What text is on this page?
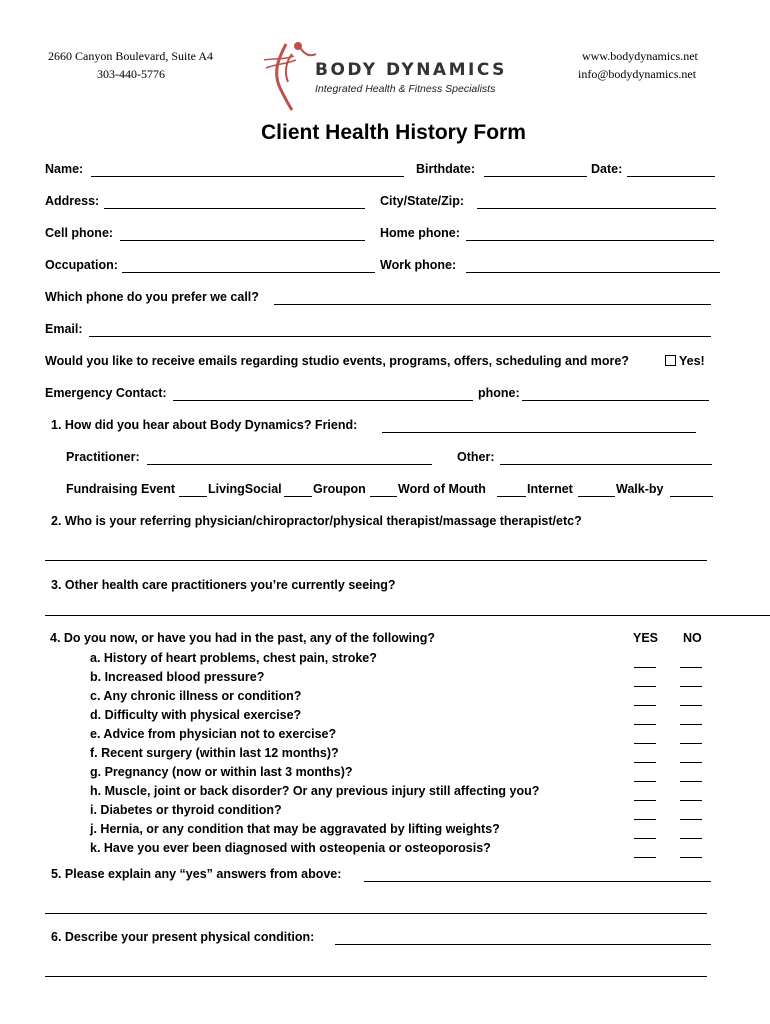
2660 Canyon Boulevard, Suite A4
303-440-5776
www.bodydynamics.net
info@bodydynamics.net
BODY DYNAMICS
Integrated Health & Fitness Specialists
Client Health History Form
Name:	Birthdate:	Date:
Address:	City/State/Zip:
Cell phone:	Home phone:
Occupation:	Work phone:
Which phone do you prefer we call?
Email:
Would you like to receive emails regarding studio events, programs, offers, scheduling and more?	Yes!
Emergency Contact:	phone:
1. How did you hear about Body Dynamics? Friend:
Practitioner:	Other:
Fundraising Event	LivingSocial	Groupon	Word of Mouth	Internet	Walk-by
2. Who is your referring physician/chiropractor/physical therapist/massage therapist/etc?
3. Other health care practitioners you’re currently seeing?
4. Do you now, or have you had in the past, any of the following?	YES NO
a. History of heart problems, chest pain, stroke?
b. Increased blood pressure?
c. Any chronic illness or condition?
d. Difficulty with physical exercise?
e. Advice from physician not to exercise?
f. Recent surgery (within last 12 months)?
g. Pregnancy (now or within last 3 months)?
h. Muscle, joint or back disorder? Or any previous injury still affecting you?
i. Diabetes or thyroid condition?
j. Hernia, or any condition that may be aggravated by lifting weights?
k. Have you ever been diagnosed with osteopenia or osteoporosis?
5. Please explain any “yes” answers from above:
6. Describe your present physical condition:
